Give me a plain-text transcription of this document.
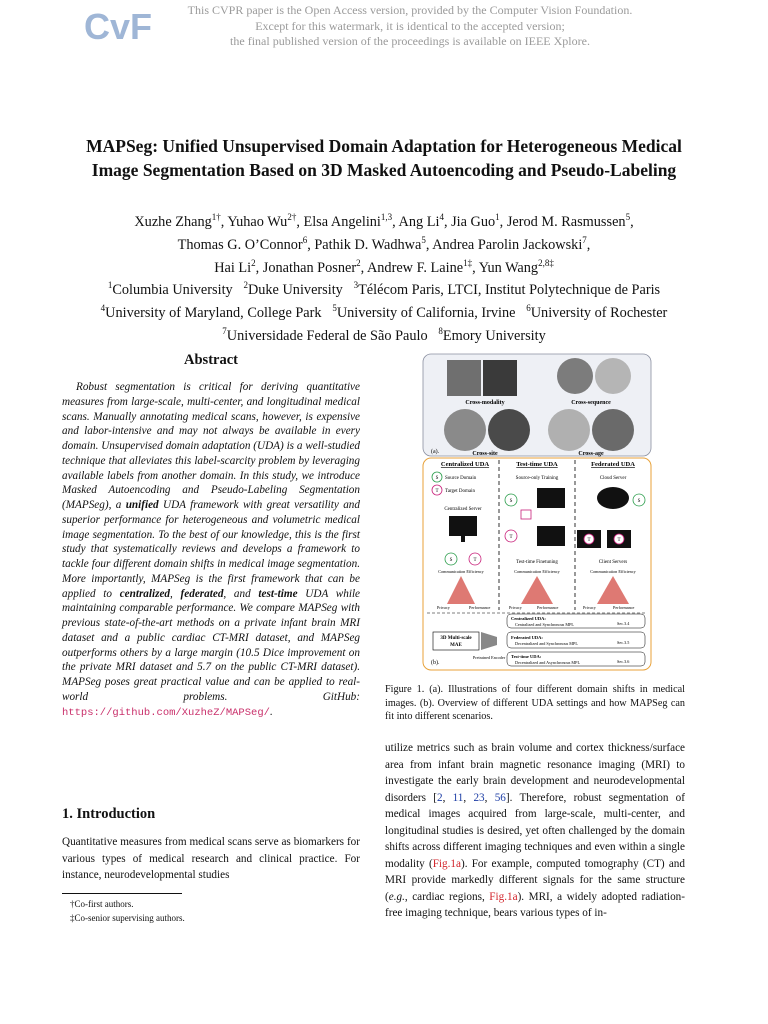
CvF	This CVPR paper is the Open Access version, provided by the Computer Vision Foundation.
Except for this watermark, it is identical to the accepted version;
the final published version of the proceedings is available on IEEE Xplore.
MAPSeg: Unified Unsupervised Domain Adaptation for Heterogeneous Medical
Image Segmentation Based on 3D Masked Autoencoding and Pseudo-Labeling
Xuzhe Zhang$^{1\dagger}$, Yuhao $Wu^{2\dagger}$, Elsa Angelini$^{1,3}$, Ang Li$^4$, Jia Guo$^1$, Jerod M. Rasmussen$^5$,
Thomas G. O’Connor$^6$, Pathik D. Wadhwa$^5$, Andrea Parolin Jackowski$^7$,
Hai Li$^2$, Jonathan Posner$^2$, Andrew F. Laine$^{1\ddagger}$, Yun Wang$^{2,8\ddagger}$
$^1$Columbia University $^2$Duke University $^3$Télécom Paris, LTCI, Institut Polytechnique de Paris
$^4$University of Maryland, College Park $^5$University of California, Irvine $^6$University of Rochester
$^7$Universidade Federal de São Paulo $^8$Emory University
Abstract
Robust segmentation is critical for deriving quantitative measures from large-scale, multi-center, and longitudinal medical scans. Manually annotating medical scans, however, is expensive and labor-intensive and may not always be available in every domain. Unsupervised domain adaptation (UDA) is a well-studied technique that alleviates this label-scarcity problem by leveraging available labels from another domain. In this study, we introduce Masked Autoencoding and Pseudo-Labeling Segmentation (MAPSeg), a unified UDA framework with great versatility and superior performance for heterogeneous and volumetric medical image segmentation. To the best of our knowledge, this is the first study that systematically reviews and develops a framework to tackle four different domain shifts in medical image segmentation. More importantly, MAPSeg is the first framework that can be applied to centralized, federated, and test-time UDA while maintaining comparable performance. We compare MAPSeg with previous state-of-the-art methods on a private infant brain MRI dataset and a public cardiac CT-MRI dataset, and MAPSeg outperforms others by a large margin (10.5 Dice improvement on the private MRI dataset and 5.7 on the public CT-MRI dataset). MAPSeg poses great practical value and can be applied to real-world problems. GitHub: https://github.com/XuzheZ/MAPSeg/.
1. Introduction
Quantitative measures from medical scans serve as biomarkers for various types of medical research and clinical practice. For instance, neurodevelopmental studies
†Co-first authors.
‡Co-senior supervising authors.
Cross-modality	Cross-sequence
(a).	Cross-site	Cross-age
Centralized UDA	Test-time UDA	Federated UDA
S Source Domain
T Target Domain
Centralized Server
S	T
Communication Efficiency
Privacy	Performance
Source-only Training
S
T
Test-time Finetuning
Communication Efficiency
Privacy	Performance
Cloud Server
S
T	T
Client Servers
Communication Efficiency
Privacy	Performance
3D Multi-scale
MAE
Pretrained Encoder
(b).
Centralized UDA:
Centralized and Synchronous MPL	Sec.3.4
Federated UDA:
Decentralized and Synchronous MPL	Sec.3.5
Test-time UDA:
Decentralized and Asynchronous MPL	Sec.3.6
Figure 1. (a). Illustrations of four different domain shifts in medical images. (b). Overview of different UDA settings and how MAPSeg can fit into different scenarios.
utilize metrics such as brain volume and cortex thickness/surface area from infant brain magnetic resonance imaging (MRI) to investigate the early brain development and neurodevelopmental disorders [2, 11, 23, 56]. Therefore, robust segmentation of medical images acquired from large-scale, multi-center, and longitudinal studies is desired, yet often challenged by the domain shifts across different imaging techniques and even within a single modality (Fig.1a). For example, computed tomography (CT) and MRI provide markedly different signals for the same structure (e.g., cardiac regions, Fig.1a). MRI, a widely adopted radiation-free imaging technique, bears various types of in-
